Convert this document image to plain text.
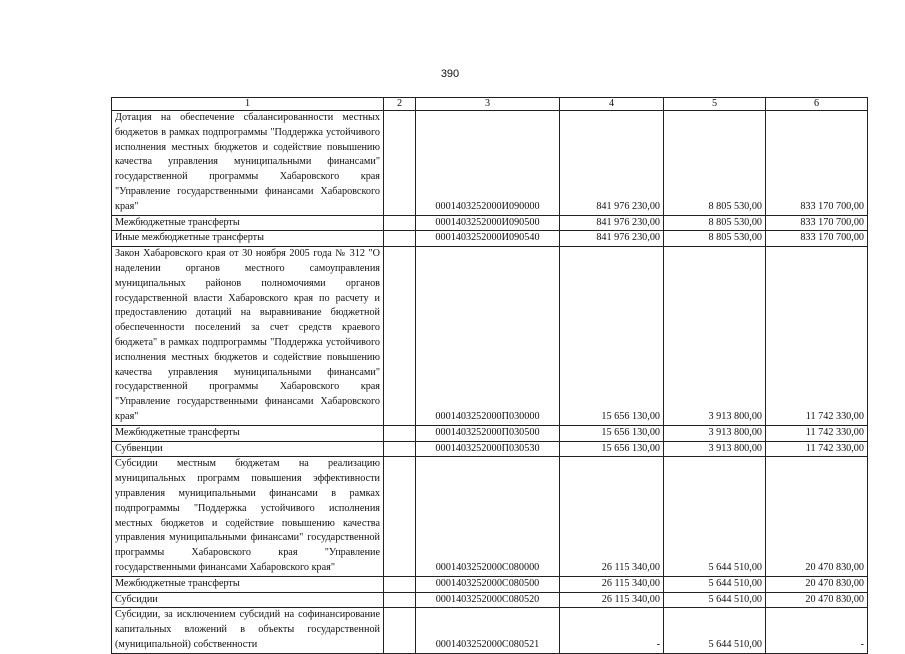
390
1	2	3	4	5	6
Дотация на обеспечение сбалансированности местных бюджетов в рамках подпрограммы "Поддержка устойчивого исполнения местных бюджетов и содействие повышению качества управления муниципальными финансами" государственной программы Хабаровского края "Управление государственными финансами Хабаровского края"		0001403252000И090000	841 976 230,00	8 805 530,00	833 170 700,00
Межбюджетные трансферты		0001403252000И090500	841 976 230,00	8 805 530,00	833 170 700,00
Иные межбюджетные трансферты		0001403252000И090540	841 976 230,00	8 805 530,00	833 170 700,00
Закон Хабаровского края от 30 ноября 2005 года № 312 "О наделении органов местного самоуправления муниципальных районов полномочиями органов государственной власти Хабаровского края по расчету и предоставлению дотаций на выравнивание бюджетной обеспеченности поселений за счет средств краевого бюджета" в рамках подпрограммы "Поддержка устойчивого исполнения местных бюджетов и содействие повышению качества управления муниципальными финансами" государственной программы Хабаровского края "Управление государственными финансами Хабаровского края"		0001403252000П030000	15 656 130,00	3 913 800,00	11 742 330,00
Межбюджетные трансферты		0001403252000П030500	15 656 130,00	3 913 800,00	11 742 330,00
Субвенции		0001403252000П030530	15 656 130,00	3 913 800,00	11 742 330,00
Субсидии местным бюджетам на реализацию муниципальных программ повышения эффективности управления муниципальными финансами в рамках подпрограммы "Поддержка устойчивого исполнения местных бюджетов и содействие повышению качества управления муниципальными финансами" государственной программы Хабаровского края "Управление государственными финансами Хабаровского края"		0001403252000С080000	26 115 340,00	5 644 510,00	20 470 830,00
Межбюджетные трансферты		0001403252000С080500	26 115 340,00	5 644 510,00	20 470 830,00
Субсидии		0001403252000С080520	26 115 340,00	5 644 510,00	20 470 830,00
Субсидии, за исключением субсидий на софинансирование капитальных вложений в объекты государственной (муниципальной) собственности		0001403252000С080521	-	5 644 510,00	-
